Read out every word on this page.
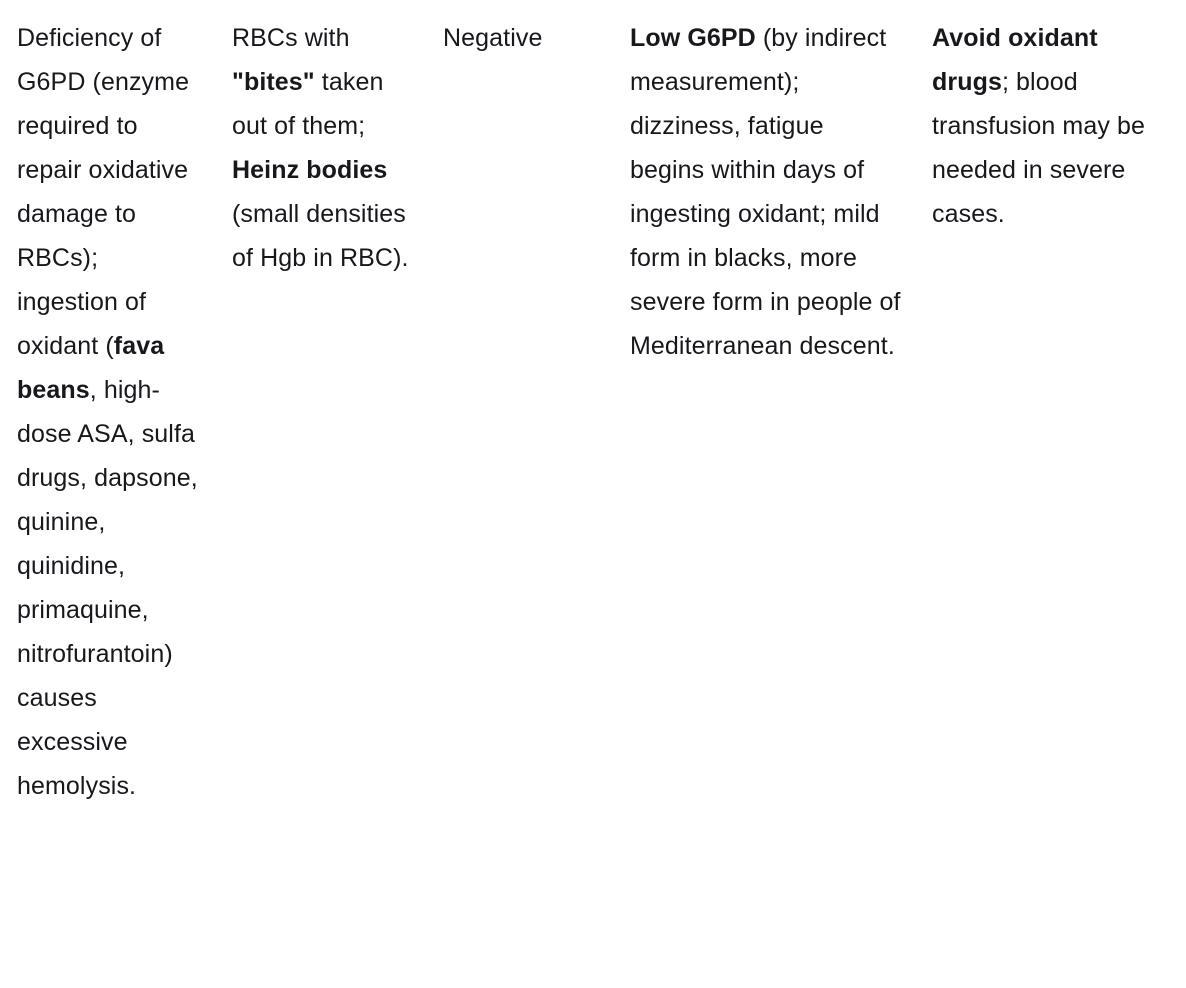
Deficiency of G6PD (enzyme required to repair oxidative damage to RBCs); ingestion of oxidant (fava beans, high-dose ASA, sulfa drugs, dapsone, quinine, quinidine, primaquine, nitrofurantoin) causes excessive hemolysis.
RBCs with "bites" taken out of them; Heinz bodies (small densities of Hgb in RBC).
Negative	Low G6PD (by indirect measurement); dizziness, fatigue begins within days of ingesting oxidant; mild form in blacks, more severe form in people of Mediterranean descent.
Avoid oxidant drugs; blood transfusion may be needed in severe cases.
